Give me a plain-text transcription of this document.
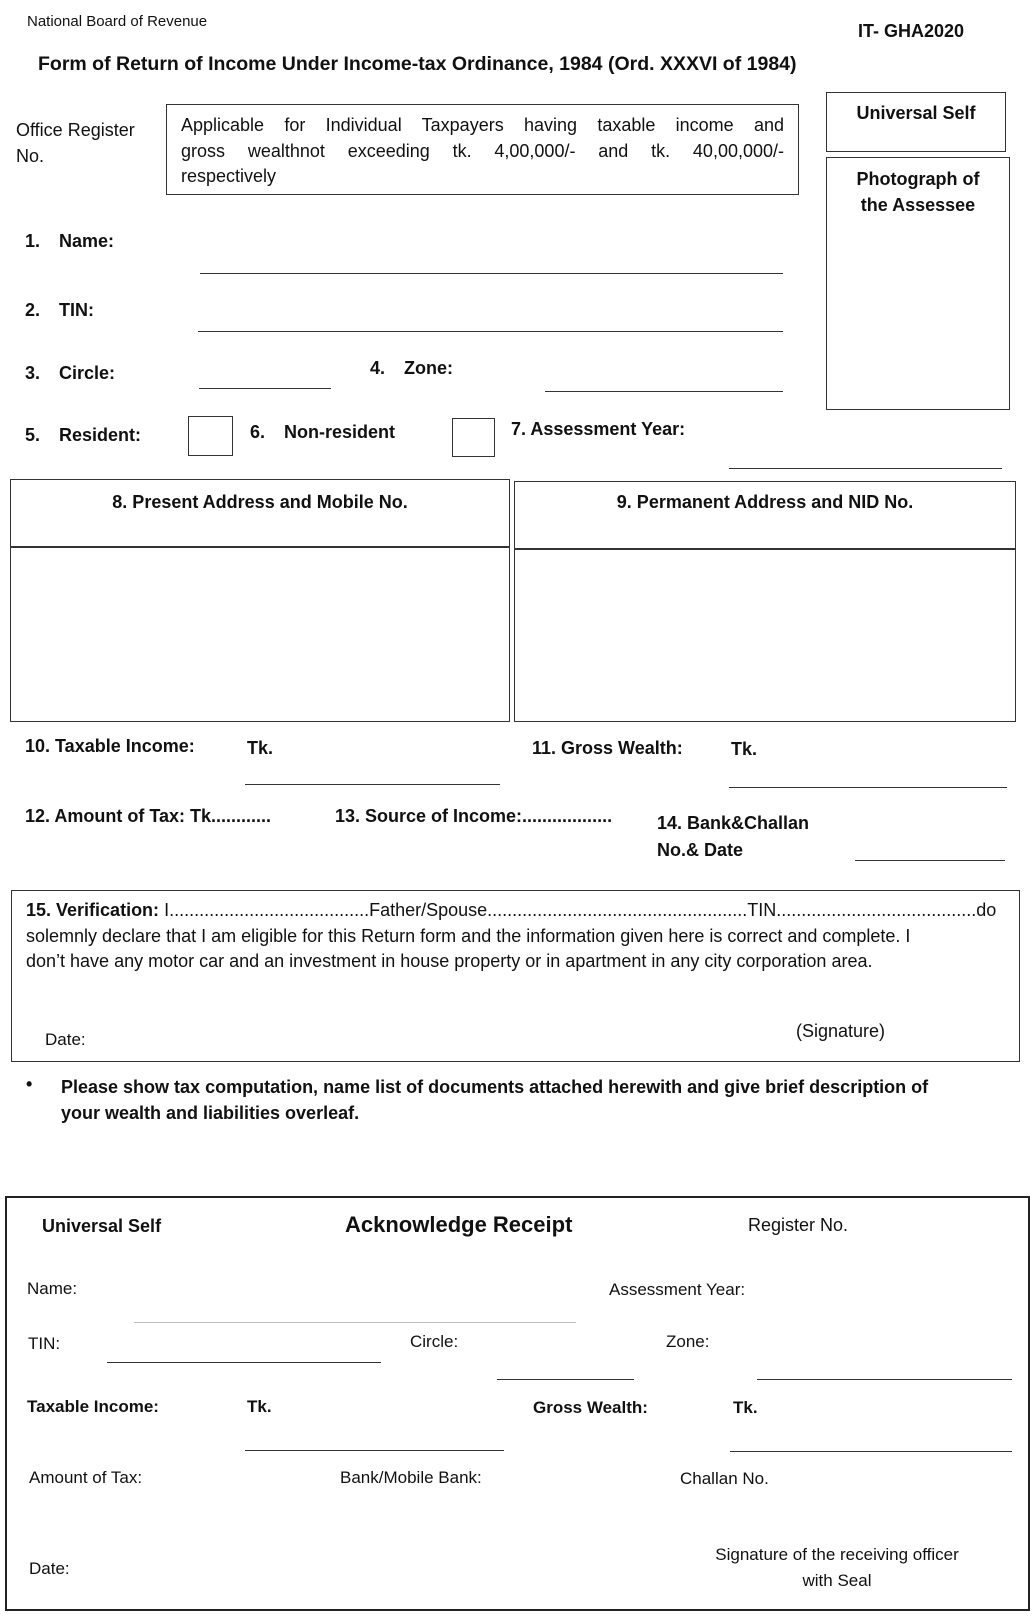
National Board of Revenue	IT- GHA2020
Form of Return of Income Under Income-tax Ordinance, 1984 (Ord. XXXVI of 1984)
Office Register No.
Applicable for Individual Taxpayers having taxable income and
gross wealthnot exceeding tk. 4,00,000/- and tk. 40,00,000/-
respectively
Universal Self
Photograph of the Assessee
1. Name:
2. TIN:
3. Circle:	4. Zone:
5. Resident:	6. Non-resident	7. Assessment Year:
8. Present Address and Mobile No.	9. Permanent Address and NID No.
10. Taxable Income:	Tk.	11. Gross Wealth:	Tk.
12. Amount of Tax: Tk............	13. Source of Income:.................. 14. Bank&Challan
No.& Date
15. Verification: I........................................Father/Spouse....................................................TIN........................................do
solemnly declare that I am eligible for this Return form and the information given here is correct and complete. I
don’t have any motor car and an investment in house property or in apartment in any city corporation area.
Date:	(Signature)
• Please show tax computation, name list of documents attached herewith and give brief description of
your wealth and liabilities overleaf.
Universal Self	Acknowledge Receipt	Register No.
Name:	Assessment Year:
TIN:	Circle:	Zone:
Taxable Income:	Tk.	Gross Wealth:	Tk.
Amount of Tax:	Bank/Mobile Bank:	Challan No.
Date:
Signature of the receiving officer
with Seal
